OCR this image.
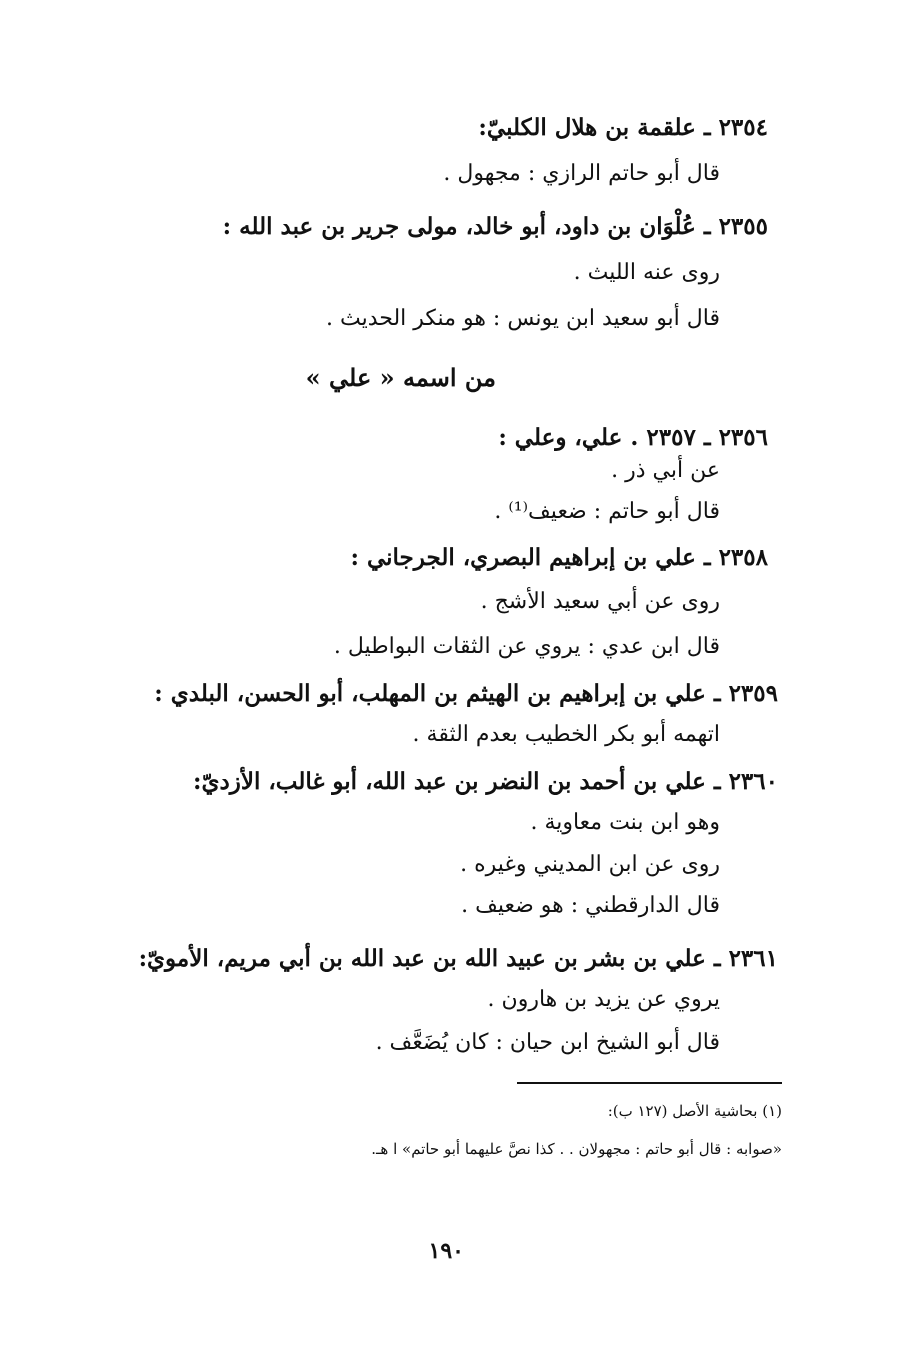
٢٣٥٤ ـ علقمة بن هلال الكلبيّ:
قال أبو حاتم الرازي : مجهول .
٢٣٥٥ ـ عُلْوَان بن داود، أبو خالد، مولى جرير بن عبد الله :
روى عنه الليث .
قال أبو سعيد ابن يونس : هو منكر الحديث .
من اسمه « علي »
٢٣٥٦ ـ ٢٣٥٧ . علي، وعلي :
عن أبي ذر .
قال أبو حاتم : ضعيف⁽¹⁾ .
٢٣٥٨ ـ علي بن إبراهيم البصري، الجرجاني :
روى عن أبي سعيد الأشج .
قال ابن عدي : يروي عن الثقات البواطيل .
٢٣٥٩ ـ علي بن إبراهيم بن الهيثم بن المهلب، أبو الحسن، البلدي :
اتهمه أبو بكر الخطيب بعدم الثقة .
٢٣٦٠ ـ علي بن أحمد بن النضر بن عبد الله، أبو غالب، الأزديّ:
وهو ابن بنت معاوية .
روى عن ابن المديني وغيره .
قال الدارقطني : هو ضعيف .
٢٣٦١ ـ علي بن بشر بن عبيد الله بن عبد الله بن أبي مريم، الأمويّ:
يروي عن يزيد بن هارون .
قال أبو الشيخ ابن حيان : كان يُضَعَّف .
(١) بحاشية الأصل (١٢٧ ب):
«صوابه : قال أبو حاتم : مجهولان . . كذا نصَّ عليهما أبو حاتم» ا هـ.
١٩٠
